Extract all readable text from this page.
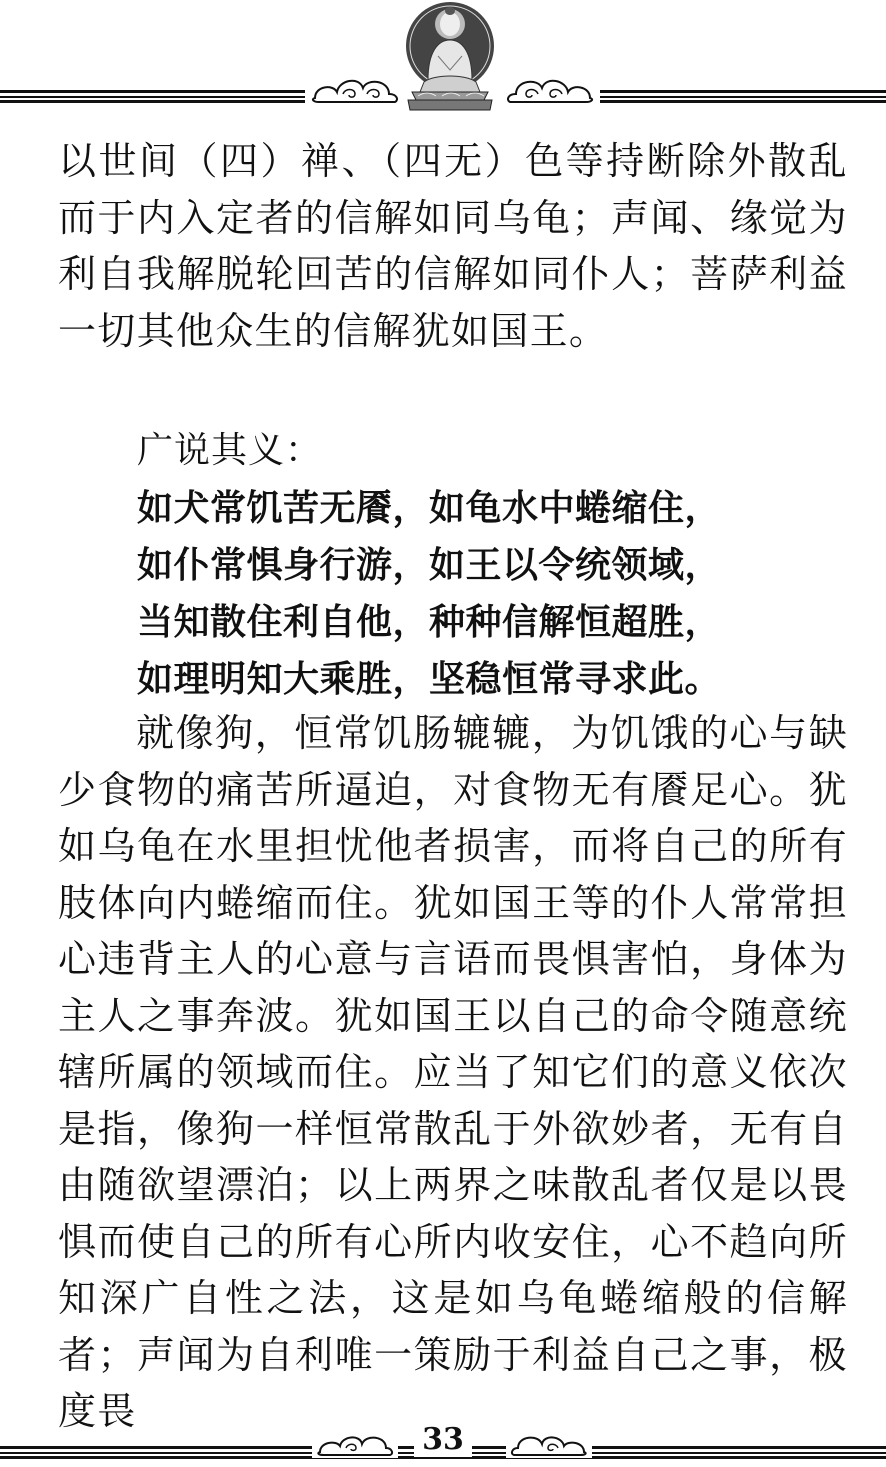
以世间（四）禅、（四无）色等持断除外散乱而于内入定者的信解如同乌龟；声闻、缘觉为利自我解脱轮回苦的信解如同仆人；菩萨利益一切其他众生的信解犹如国王。

广说其义：

如犬常饥苦无餍，如龟水中蜷缩住，

如仆常惧身行游，如王以令统领域，

当知散住利自他，种种信解恒超胜，

如理明知大乘胜，坚稳恒常寻求此。

就像狗，恒常饥肠辘辘，为饥饿的心与缺少食物的痛苦所逼迫，对食物无有餍足心。犹如乌龟在水里担忧他者损害，而将自己的所有肢体向内蜷缩而住。犹如国王等的仆人常常担心违背主人的心意与言语而畏惧害怕，身体为主人之事奔波。犹如国王以自己的命令随意统辖所属的领域而住。应当了知它们的意义依次是指，像狗一样恒常散乱于外欲妙者，无有自由随欲望漂泊；以上两界之味散乱者仅是以畏惧而使自己的所有心所内收安住，心不趋向所知深广自性之法，这是如乌龟蜷缩般的信解者；声闻为自利唯一策励于利益自己之事，极度畏

33
